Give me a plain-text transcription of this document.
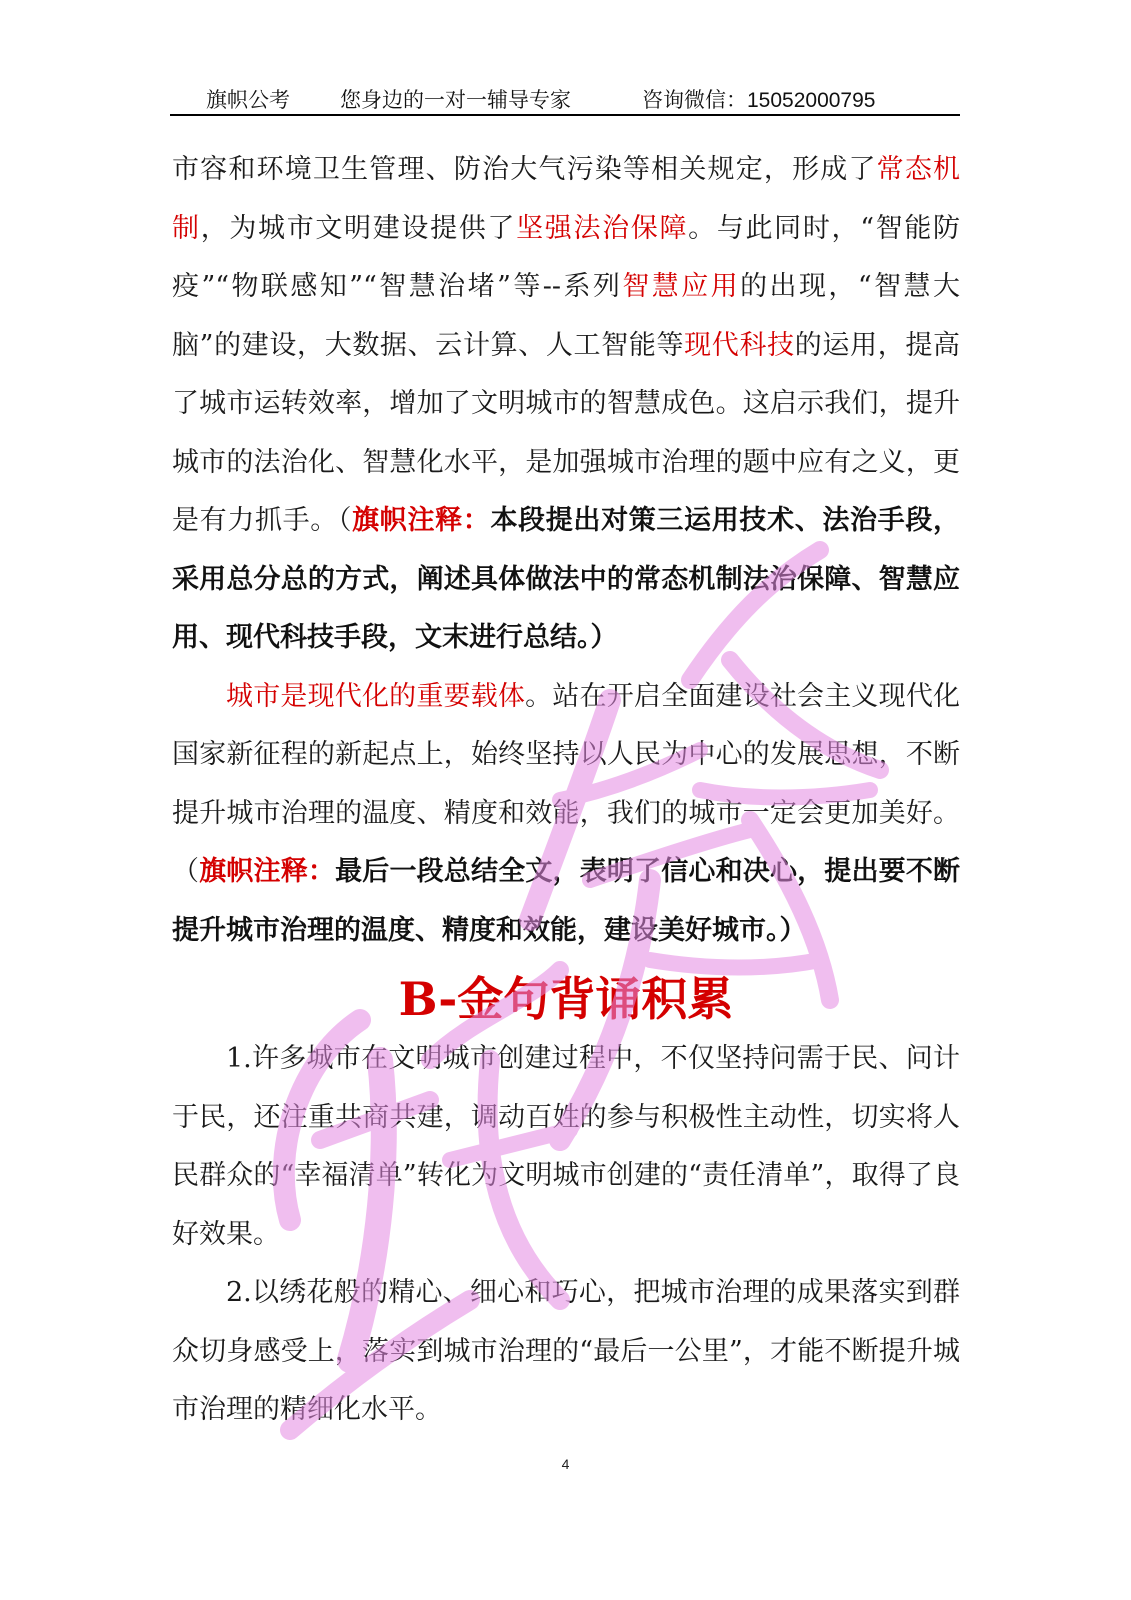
旗帜公考 您身边的一对一辅导专家	咨询微信：15052000795

市容和环境卫生管理、防治大气污染等相关规定，形成了常态机制，为城市文明建设提供了坚强法治保障。与此同时，“智能防疫”“物联感知”“智慧治堵”等--系列智慧应用的出现，“智慧大脑”的建设，大数据、云计算、人工智能等现代科技的运用，提高了城市运转效率，增加了文明城市的智慧成色。这启示我们，提升城市的法治化、智慧化水平，是加强城市治理的题中应有之义，更是有力抓手。（旗帜注释：本段提出对策三运用技术、法治手段，采用总分总的方式，阐述具体做法中的常态机制法治保障、智慧应用、现代科技手段，文末进行总结。）

城市是现代化的重要载体。站在开启全面建设社会主义现代化国家新征程的新起点上，始终坚持以人民为中心的发展思想，不断提升城市治理的温度、精度和效能，我们的城市一定会更加美好。（旗帜注释：最后一段总结全文，表明了信心和决心，提出要不断提升城市治理的温度、精度和效能，建设美好城市。）

B-金句背诵积累

1.许多城市在文明城市创建过程中，不仅坚持问需于民、问计于民，还注重共商共建，调动百姓的参与积极性主动性，切实将人民群众的“幸福清单”转化为文明城市创建的“责任清单”，取得了良好效果。

2.以绣花般的精心、细心和巧心，把城市治理的成果落实到群众切身感受上，落实到城市治理的“最后一公里”，才能不断提升城市治理的精细化水平。

4
